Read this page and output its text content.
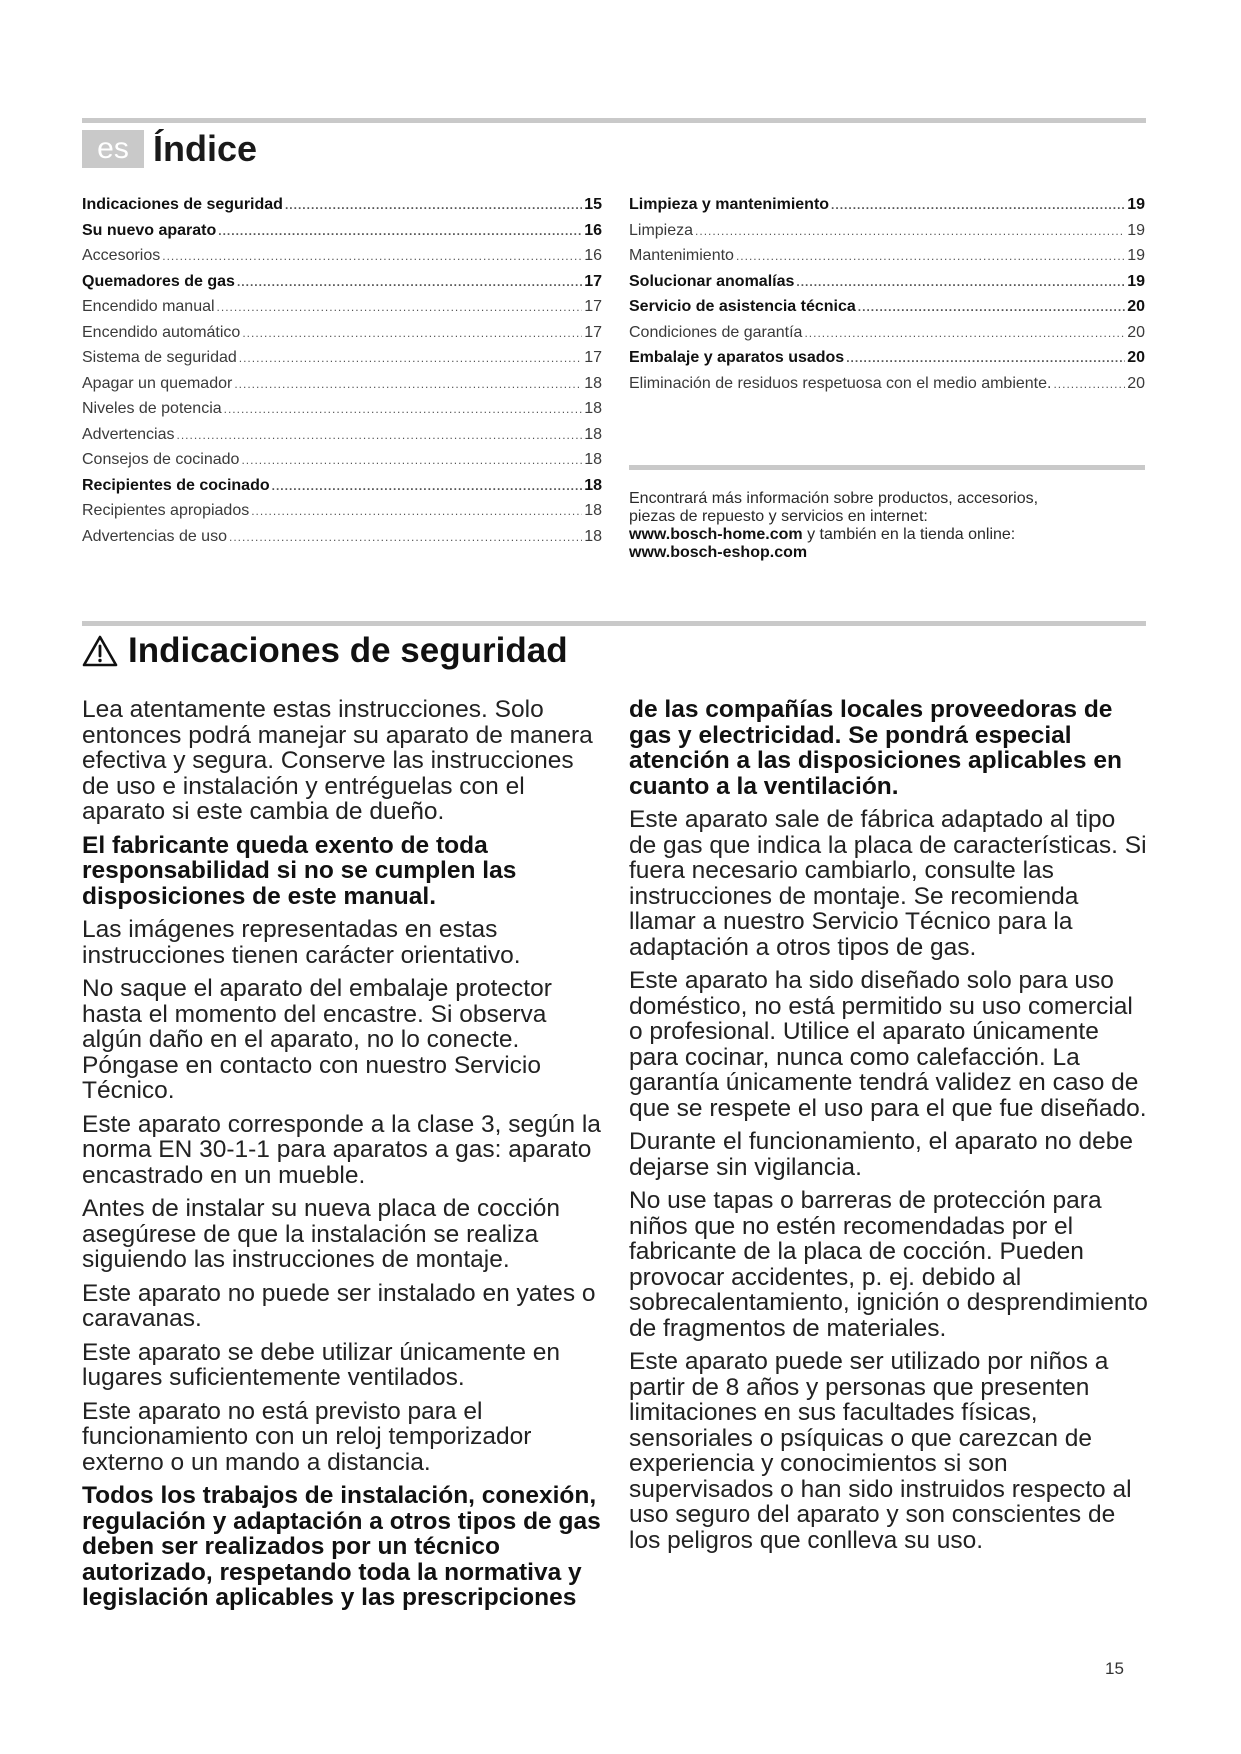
es Índice
Indicaciones de seguridad .....	15
Su nuevo aparato .....	16
Accesorios .....	16
Quemadores de gas .....	17
Encendido manual .....	17
Encendido automático .....	17
Sistema de seguridad .....	17
Apagar un quemador .....	18
Niveles de potencia .....	18
Advertencias .....	18
Consejos de cocinado .....	18
Recipientes de cocinado .....	18
Recipientes apropiados .....	18
Advertencias de uso .....	18
Limpieza y mantenimiento .....	19
Limpieza .....	19
Mantenimiento .....	19
Solucionar anomalías .....	19
Servicio de asistencia técnica .....	20
Condiciones de garantía .....	20
Embalaje y aparatos usados .....	20
Eliminación de residuos respetuosa con el medio ambiente. .....	20
Encontrará más información sobre productos, accesorios,
piezas de repuesto y servicios en internet:
www.bosch-home.com y también en la tienda online:
www.bosch-eshop.com
Indicaciones de seguridad

Lea atentamente estas instrucciones. Solo entonces podrá manejar su aparato de manera efectiva y segura. Conserve las instrucciones de uso e instalación y entréguelas con el aparato si este cambia de dueño.

El fabricante queda exento de toda responsabilidad si no se cumplen las disposiciones de este manual.

Las imágenes representadas en estas instrucciones tienen carácter orientativo.

No saque el aparato del embalaje protector hasta el momento del encastre. Si observa algún daño en el aparato, no lo conecte. Póngase en contacto con nuestro Servicio Técnico.

Este aparato corresponde a la clase 3, según la norma EN 30-1-1 para aparatos a gas: aparato encastrado en un mueble.

Antes de instalar su nueva placa de cocción asegúrese de que la instalación se realiza siguiendo las instrucciones de montaje.

Este aparato no puede ser instalado en yates o caravanas.

Este aparato se debe utilizar únicamente en lugares suficientemente ventilados.

Este aparato no está previsto para el funcionamiento con un reloj temporizador externo o un mando a distancia.

Todos los trabajos de instalación, conexión, regulación y adaptación a otros tipos de gas deben ser realizados por un técnico autorizado, respetando toda la normativa y legislación aplicables y las prescripciones

de las compañías locales proveedoras de gas y electricidad. Se pondrá especial atención a las disposiciones aplicables en cuanto a la ventilación.

Este aparato sale de fábrica adaptado al tipo de gas que indica la placa de características. Si fuera necesario cambiarlo, consulte las instrucciones de montaje. Se recomienda llamar a nuestro Servicio Técnico para la adaptación a otros tipos de gas.

Este aparato ha sido diseñado solo para uso doméstico, no está permitido su uso comercial o profesional. Utilice el aparato únicamente para cocinar, nunca como calefacción. La garantía únicamente tendrá validez en caso de que se respete el uso para el que fue diseñado.

Durante el funcionamiento, el aparato no debe dejarse sin vigilancia.

No use tapas o barreras de protección para niños que no estén recomendadas por el fabricante de la placa de cocción. Pueden provocar accidentes, p. ej. debido al sobrecalentamiento, ignición o desprendimiento de fragmentos de materiales.

Este aparato puede ser utilizado por niños a partir de 8 años y personas que presenten limitaciones en sus facultades físicas, sensoriales o psíquicas o que carezcan de experiencia y conocimientos si son supervisados o han sido instruidos respecto al uso seguro del aparato y son conscientes de los peligros que conlleva su uso.

15
